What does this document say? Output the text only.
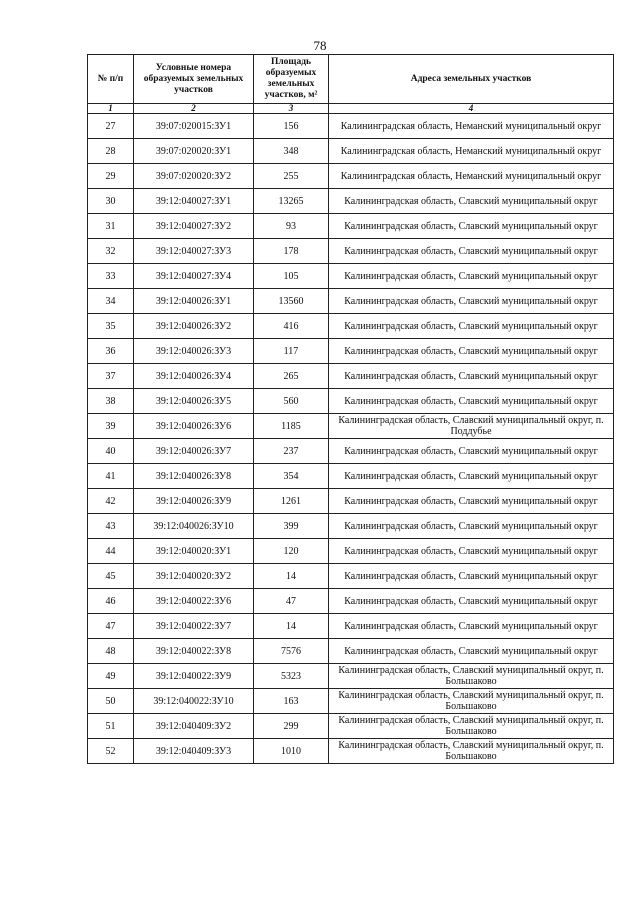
78
№ п/п	Условные номера образуемых земельных участков	Площадь образуемых земельных участков, м²	Адреса земельных участков
1	2	3	4
27	39:07:020015:ЗУ1	156	Калининградская область, Неманский муниципальный округ
28	39:07:020020:ЗУ1	348	Калининградская область, Неманский муниципальный округ
29	39:07:020020:ЗУ2	255	Калининградская область, Неманский муниципальный округ
30	39:12:040027:ЗУ1	13265	Калининградская область, Славский муниципальный округ
31	39:12:040027:ЗУ2	93	Калининградская область, Славский муниципальный округ
32	39:12:040027:ЗУ3	178	Калининградская область, Славский муниципальный округ
33	39:12:040027:ЗУ4	105	Калининградская область, Славский муниципальный округ
34	39:12:040026:ЗУ1	13560	Калининградская область, Славский муниципальный округ
35	39:12:040026:ЗУ2	416	Калининградская область, Славский муниципальный округ
36	39:12:040026:ЗУ3	117	Калининградская область, Славский муниципальный округ
37	39:12:040026:ЗУ4	265	Калининградская область, Славский муниципальный округ
38	39:12:040026:ЗУ5	560	Калининградская область, Славский муниципальный округ
39	39:12:040026:ЗУ6	1185	Калининградская область, Славский муниципальный округ, п. Поддубье
40	39:12:040026:ЗУ7	237	Калининградская область, Славский муниципальный округ
41	39:12:040026:ЗУ8	354	Калининградская область, Славский муниципальный округ
42	39:12:040026:ЗУ9	1261	Калининградская область, Славский муниципальный округ
43	39:12:040026:ЗУ10	399	Калининградская область, Славский муниципальный округ
44	39:12:040020:ЗУ1	120	Калининградская область, Славский муниципальный округ
45	39:12:040020:ЗУ2	14	Калининградская область, Славский муниципальный округ
46	39:12:040022:ЗУ6	47	Калининградская область, Славский муниципальный округ
47	39:12:040022:ЗУ7	14	Калининградская область, Славский муниципальный округ
48	39:12:040022:ЗУ8	7576	Калининградская область, Славский муниципальный округ
49	39:12:040022:ЗУ9	5323	Калининградская область, Славский муниципальный округ, п. Большаково
50	39:12:040022:ЗУ10	163	Калининградская область, Славский муниципальный округ, п. Большаково
51	39:12:040409:ЗУ2	299	Калининградская область, Славский муниципальный округ, п. Большаково
52	39:12:040409:ЗУ3	1010	Калининградская область, Славский муниципальный округ, п. Большаково
